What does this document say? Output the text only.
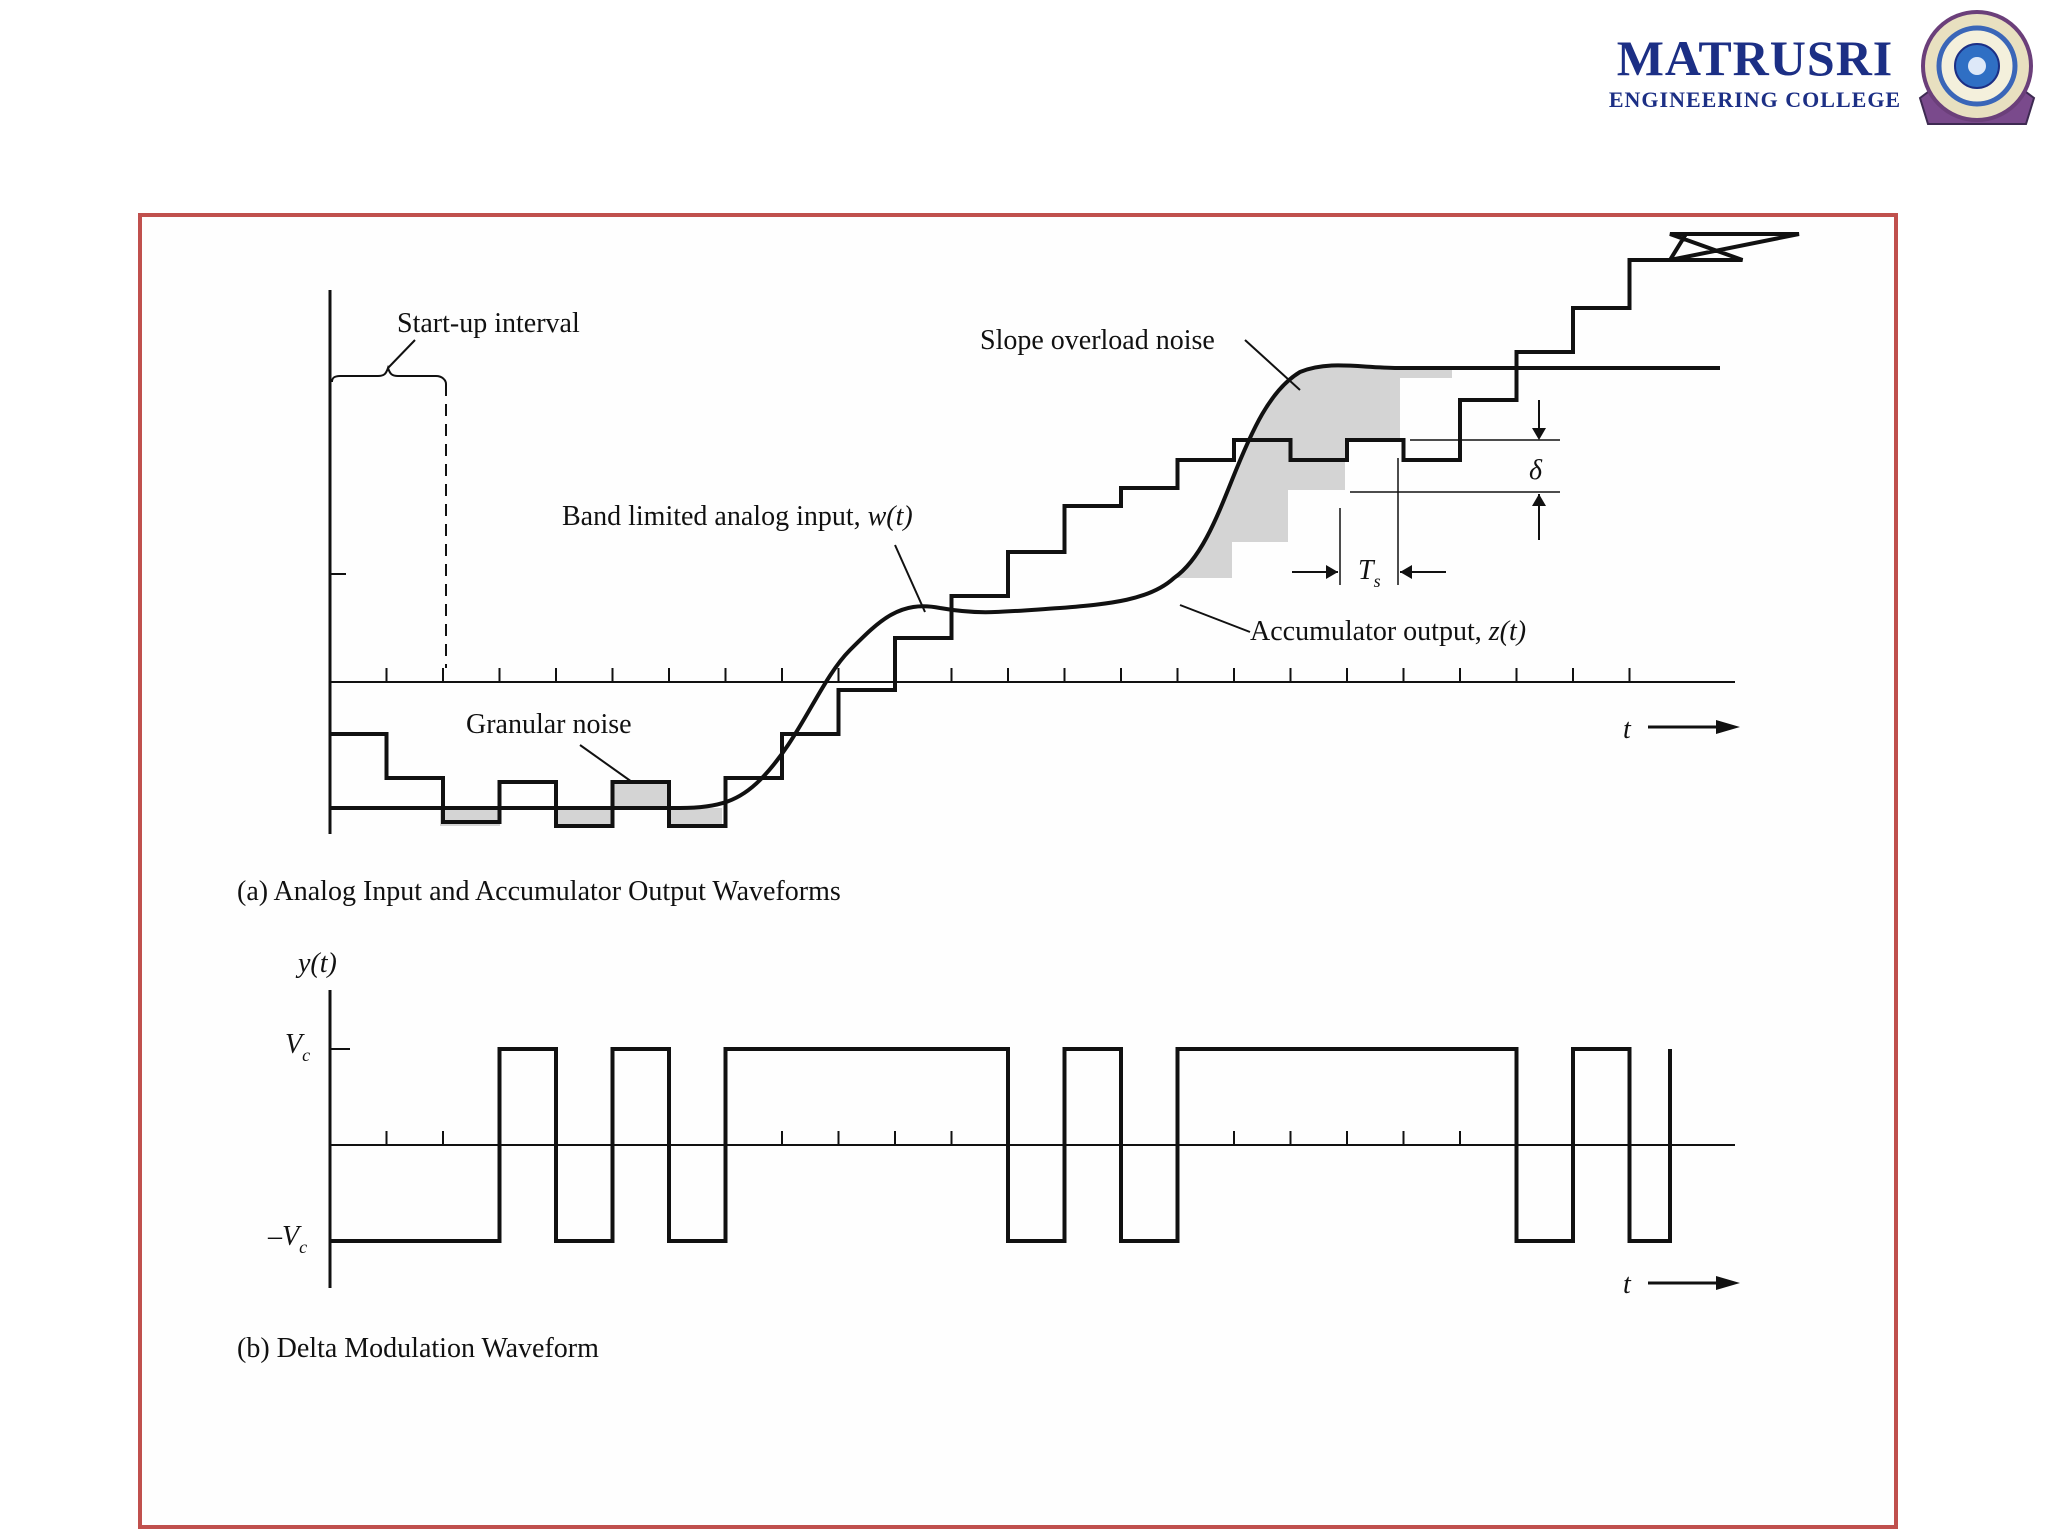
MATRUSRI
ENGINEERING COLLEGE
Start-up interval
Slope overload noise
Band limited analog input, w(t)
Accumulator output, z(t)
Granular noise
δ
$T_s$
t
(a) Analog Input and Accumulator Output Waveforms
y(t)
$V_c$
$-V_c$
t
(b) Delta Modulation Waveform
